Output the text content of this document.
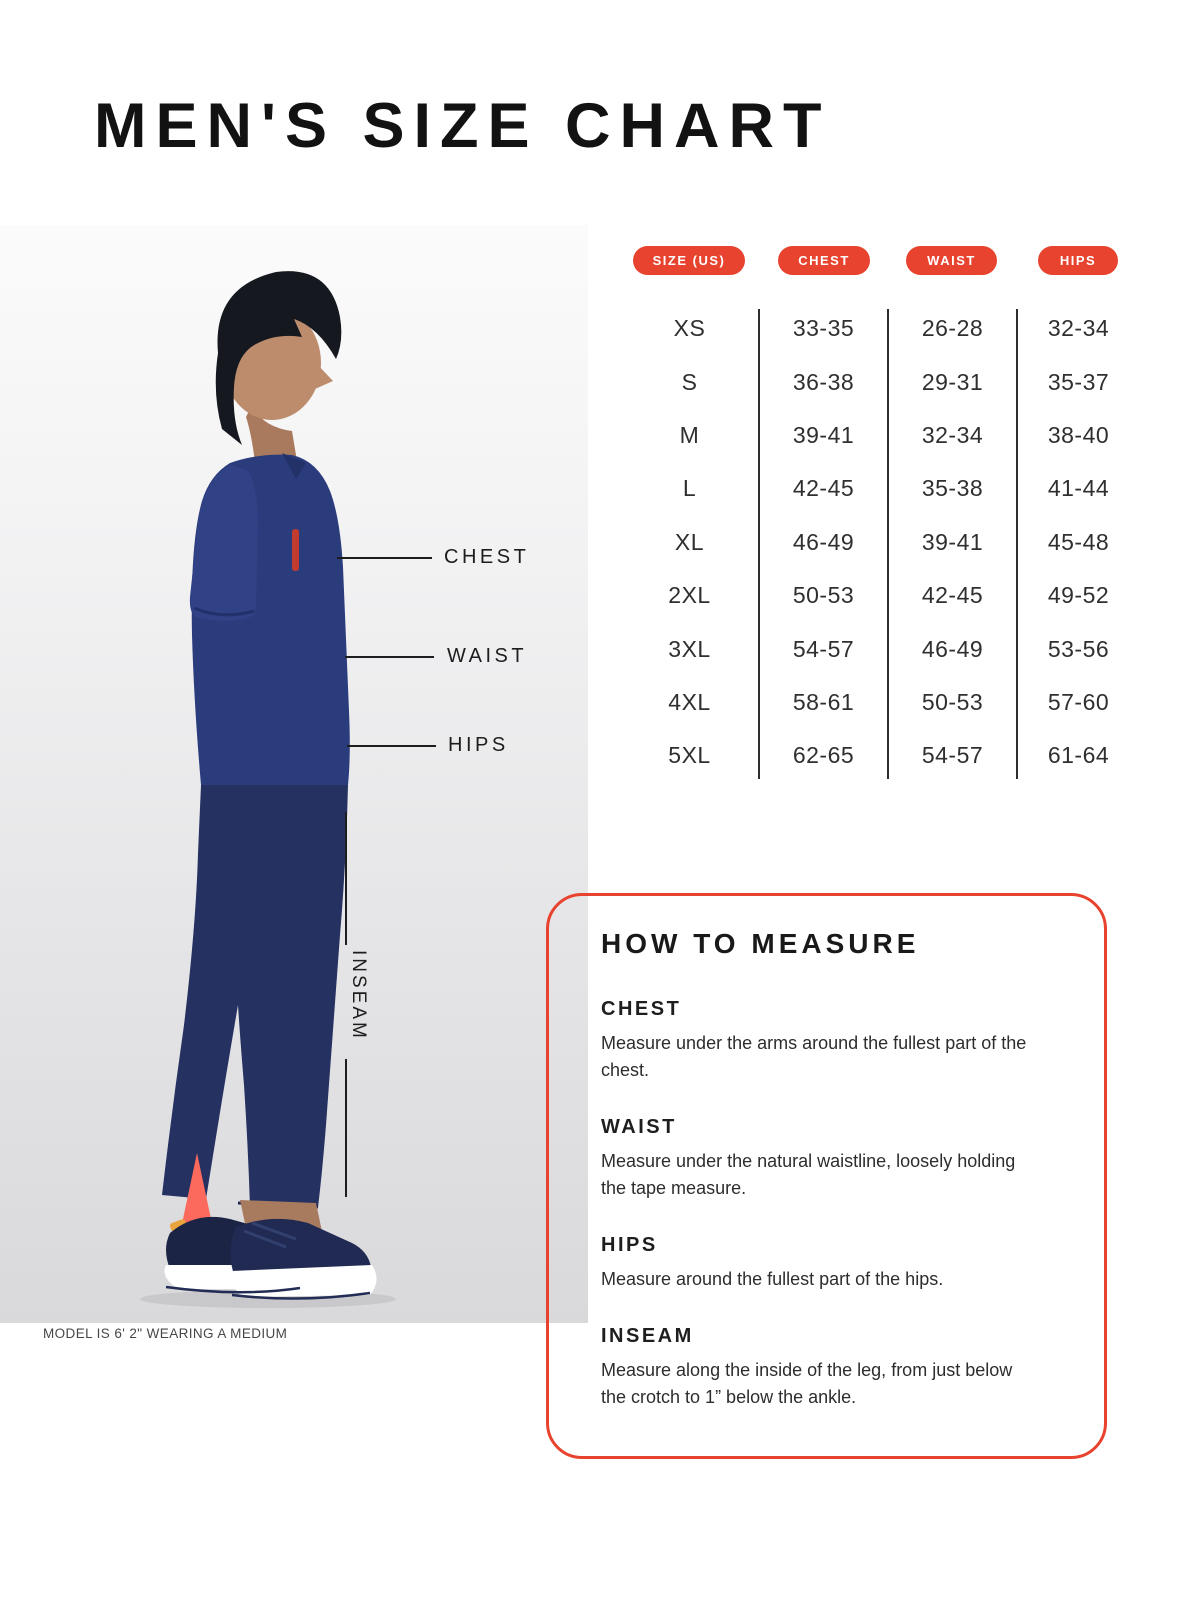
MEN'S SIZE CHART
CHEST
WAIST
HIPS
INSEAM

MODEL IS 6' 2" WEARING A MEDIUM

SIZE (US)	CHEST	WAIST	HIPS
XS	33-35	26-28	32-34
S	36-38	29-31	35-37
M	39-41	32-34	38-40
L	42-45	35-38	41-44
XL	46-49	39-41	45-48
2XL	50-53	42-45	49-52
3XL	54-57	46-49	53-56
4XL	58-61	50-53	57-60
5XL	62-65	54-57	61-64
HOW TO MEASURE
CHEST

Measure under the arms around the fullest part of the chest.

WAIST

Measure under the natural waistline, loosely holding the tape measure.

HIPS

Measure around the fullest part of the hips.

INSEAM

Measure along the inside of the leg, from just below the crotch to 1” below the ankle.
